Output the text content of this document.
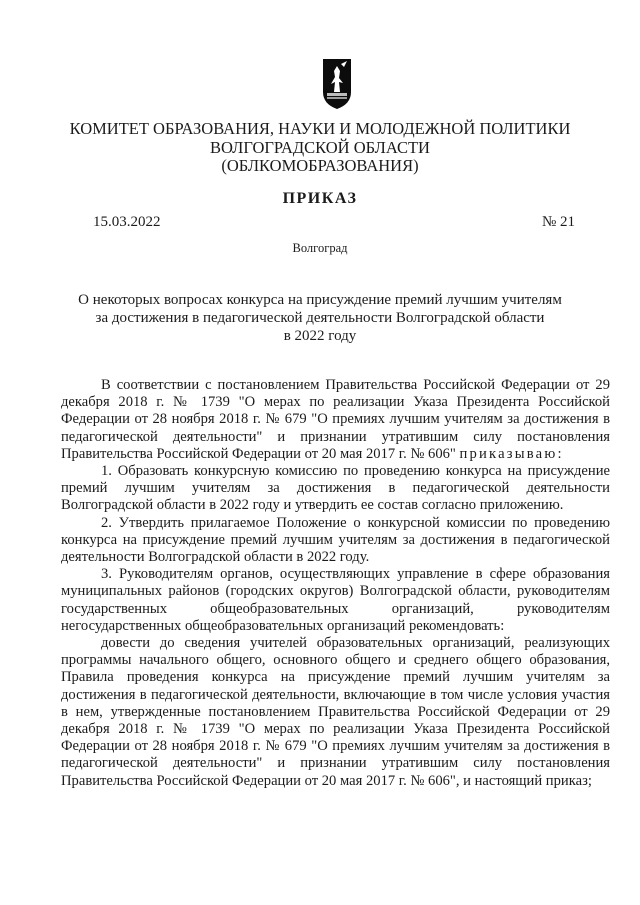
КОМИТЕТ ОБРАЗОВАНИЯ, НАУКИ И МОЛОДЕЖНОЙ ПОЛИТИКИ
ВОЛГОГРАДСКОЙ ОБЛАСТИ
(ОБЛКОМОБРАЗОВАНИЯ)
ПРИКАЗ
15.03.2022	№ 21
Волгоград
О некоторых вопросах конкурса на присуждение премий лучшим учителям
за достижения в педагогической деятельности Волгоградской области
в 2022 году

В соответствии с постановлением Правительства Российской Федерации от 29 декабря 2018 г. № 1739 "О мерах по реализации Указа Президента Российской Федерации от 28 ноября 2018 г. № 679 "О премиях лучшим учителям за достижения в педагогической деятельности" и признании утратившим силу постановления Правительства Российской Федерации от 20 мая 2017 г. № 606" приказываю:

1. Образовать конкурсную комиссию по проведению конкурса на присуждение премий лучшим учителям за достижения в педагогической деятельности Волгоградской области в 2022 году и утвердить ее состав согласно приложению.

2. Утвердить прилагаемое Положение о конкурсной комиссии по проведению конкурса на присуждение премий лучшим учителям за достижения в педагогической деятельности Волгоградской области в 2022 году.

3. Руководителям органов, осуществляющих управление в сфере образования муниципальных районов (городских округов) Волгоградской области, руководителям государственных общеобразовательных организаций, руководителям негосударственных общеобразовательных организаций рекомендовать:

довести до сведения учителей образовательных организаций, реализующих программы начального общего, основного общего и среднего общего образования, Правила проведения конкурса на присуждение премий лучшим учителям за достижения в педагогической деятельности, включающие в том числе условия участия в нем, утвержденные постановлением Правительства Российской Федерации от 29 декабря 2018 г. № 1739 "О мерах по реализации Указа Президента Российской Федерации от 28 ноября 2018 г. № 679 "О премиях лучшим учителям за достижения в педагогической деятельности" и признании утратившим силу постановления Правительства Российской Федерации от 20 мая 2017 г. № 606", и настоящий приказ;
